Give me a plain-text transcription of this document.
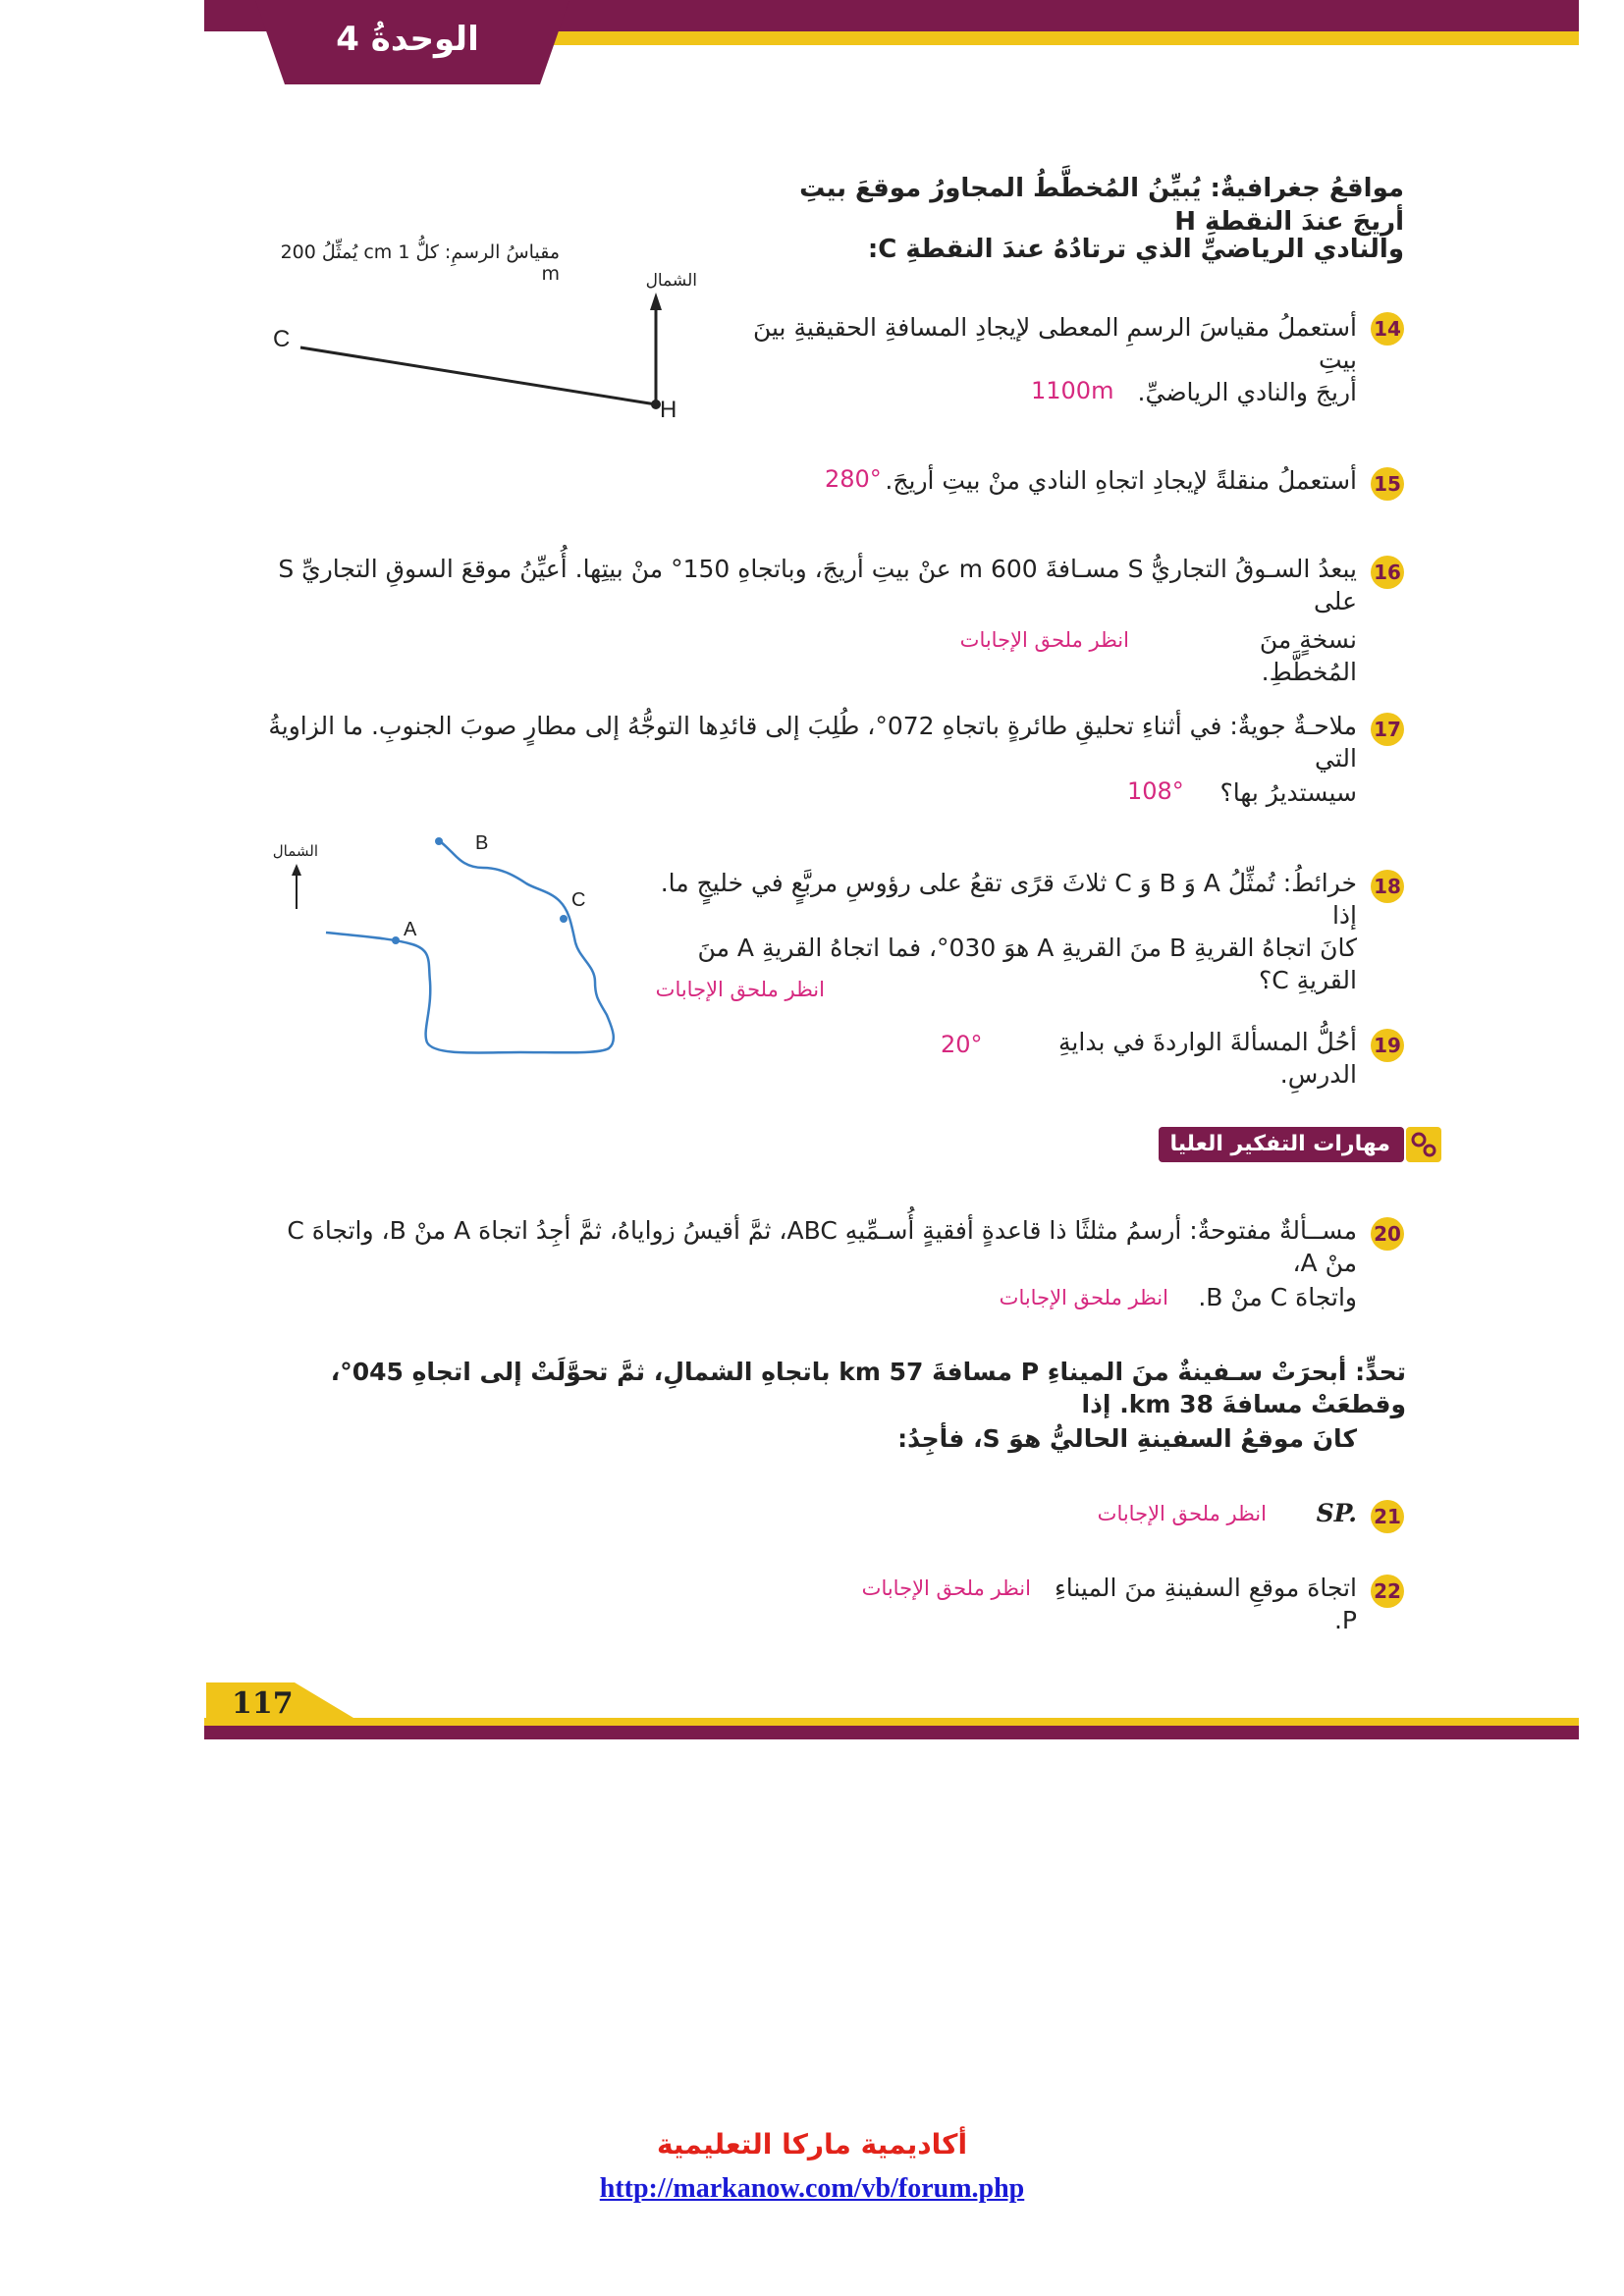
الوحدةُ 4
مواقعُ جغرافيةٌ: يُبيِّنُ المُخطَّطُ المجاورُ موقعَ بيتِ أريجَ عندَ النقطةِ H
والنادي الرياضيِّ الذي ترتادُهُ عندَ النقطةِ C:
مقياسُ الرسمِ: كلُّ 1 cm يُمثِّلُ 200 m	الشمال
C
H
14
أستعملُ مقياسَ الرسمِ المعطى لإيجادِ المسافةِ الحقيقيةِ بينَ بيتِ
أريجَ والنادي الرياضيِّ.
1100m
15
أستعملُ منقلةً لإيجادِ اتجاهِ النادي منْ بيتِ أريجَ.
280°
16
يبعدُ السـوقُ التجاريُّ S مسـافةَ 600 m عنْ بيتِ أريجَ، وباتجاهِ 150° منْ بيتِها. أُعيِّنُ موقعَ السوقِ التجاريِّ S على
نسخةٍ منَ المُخطَّطِ.
انظر ملحق الإجابات
17
ملاحـةٌ جويةٌ: في أثناءِ تحليقِ طائرةٍ باتجاهِ 072°، طُلِبَ إلى قائدِها التوجُّهُ إلى مطارٍ صوبَ الجنوبِ. ما الزاويةُ التي
سيستديرُ بها؟
108°
الشمال
A
B
C
18
خرائطُ: تُمثِّلُ A وَ B وَ C ثلاثَ قرًى تقعُ على رؤوسِ مربَّعٍ في خليجٍ ما. إذا
كانَ اتجاهُ القريةِ B منَ القريةِ A هوَ 030°، فما اتجاهُ القريةِ A منَ القريةِ C؟
انظر ملحق الإجابات
19
أحُلُّ المسألةَ الواردةَ في بدايةِ الدرسِ.
20°
مهارات التفكير العليا
20
مســألةٌ مفتوحةٌ: أرسمُ مثلثًا ذا قاعدةٍ أفقيةٍ أُسـمِّيهِ ABC، ثمَّ أقيسُ زواياهُ، ثمَّ أجِدُ اتجاهَ A منْ B، واتجاهَ C منْ A،
واتجاهَ C منْ B.
انظر ملحق الإجابات
تحدٍّ: أبحرَتْ سـفينةٌ منَ الميناءِ P مسافةَ 57 km باتجاهِ الشمالِ، ثمَّ تحوَّلَتْ إلى اتجاهِ 045°، وقطعَتْ مسافةَ 38 km. إذا
كانَ موقعُ السفينةِ الحاليُّ هوَ S، فأجِدُ:
21
SP.
انظر ملحق الإجابات
22
اتجاهَ موقعِ السفينةِ منَ الميناءِ P.
انظر ملحق الإجابات
117
أكاديمية ماركا التعليمية
http://markanow.com/vb/forum.php
